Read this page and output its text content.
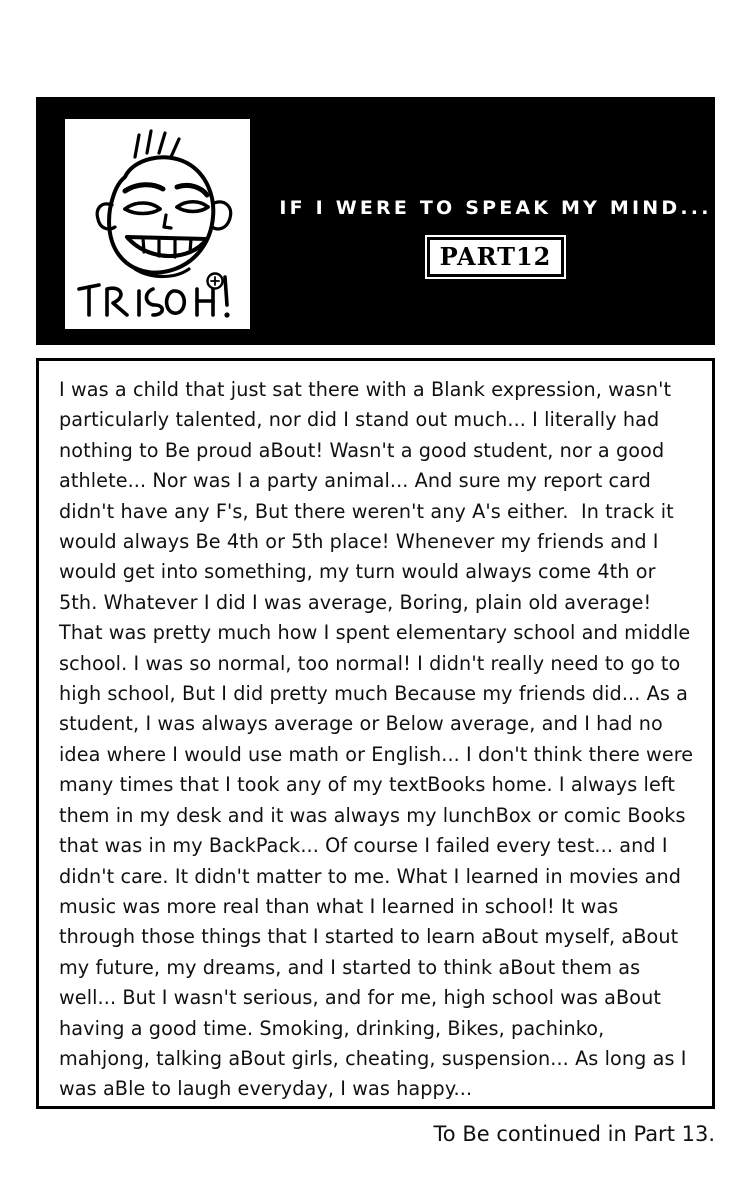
IF I WERE TO SPEAK MY MIND...
PART12
I was a child that just sat there with a Blank expression, wasn't particularly talented, nor did I stand out much... I literally had nothing to Be proud aBout! Wasn't a good student, nor a good athlete... Nor was I a party animal... And sure my report card didn't have any F's, But there weren't any A's either.  In track it would always Be 4th or 5th place! Whenever my friends and I would get into something, my turn would always come 4th or 5th. Whatever I did I was average, Boring, plain old average! That was pretty much how I spent elementary school and middle school. I was so normal, too normal! I didn't really need to go to high school, But I did pretty much Because my friends did... As a student, I was always average or Below average, and I had no idea where I would use math or English... I don't think there were many times that I took any of my textBooks home. I always left them in my desk and it was always my lunchBox or comic Books that was in my BackPack... Of course I failed every test... and I didn't care. It didn't matter to me. What I learned in movies and music was more real than what I learned in school! It was through those things that I started to learn aBout myself, aBout my future, my dreams, and I started to think aBout them as well... But I wasn't serious, and for me, high school was aBout having a good time. Smoking, drinking, Bikes, pachinko, mahjong, talking aBout girls, cheating, suspension... As long as I was aBle to laugh everyday, I was happy...
To Be continued in Part 13.
